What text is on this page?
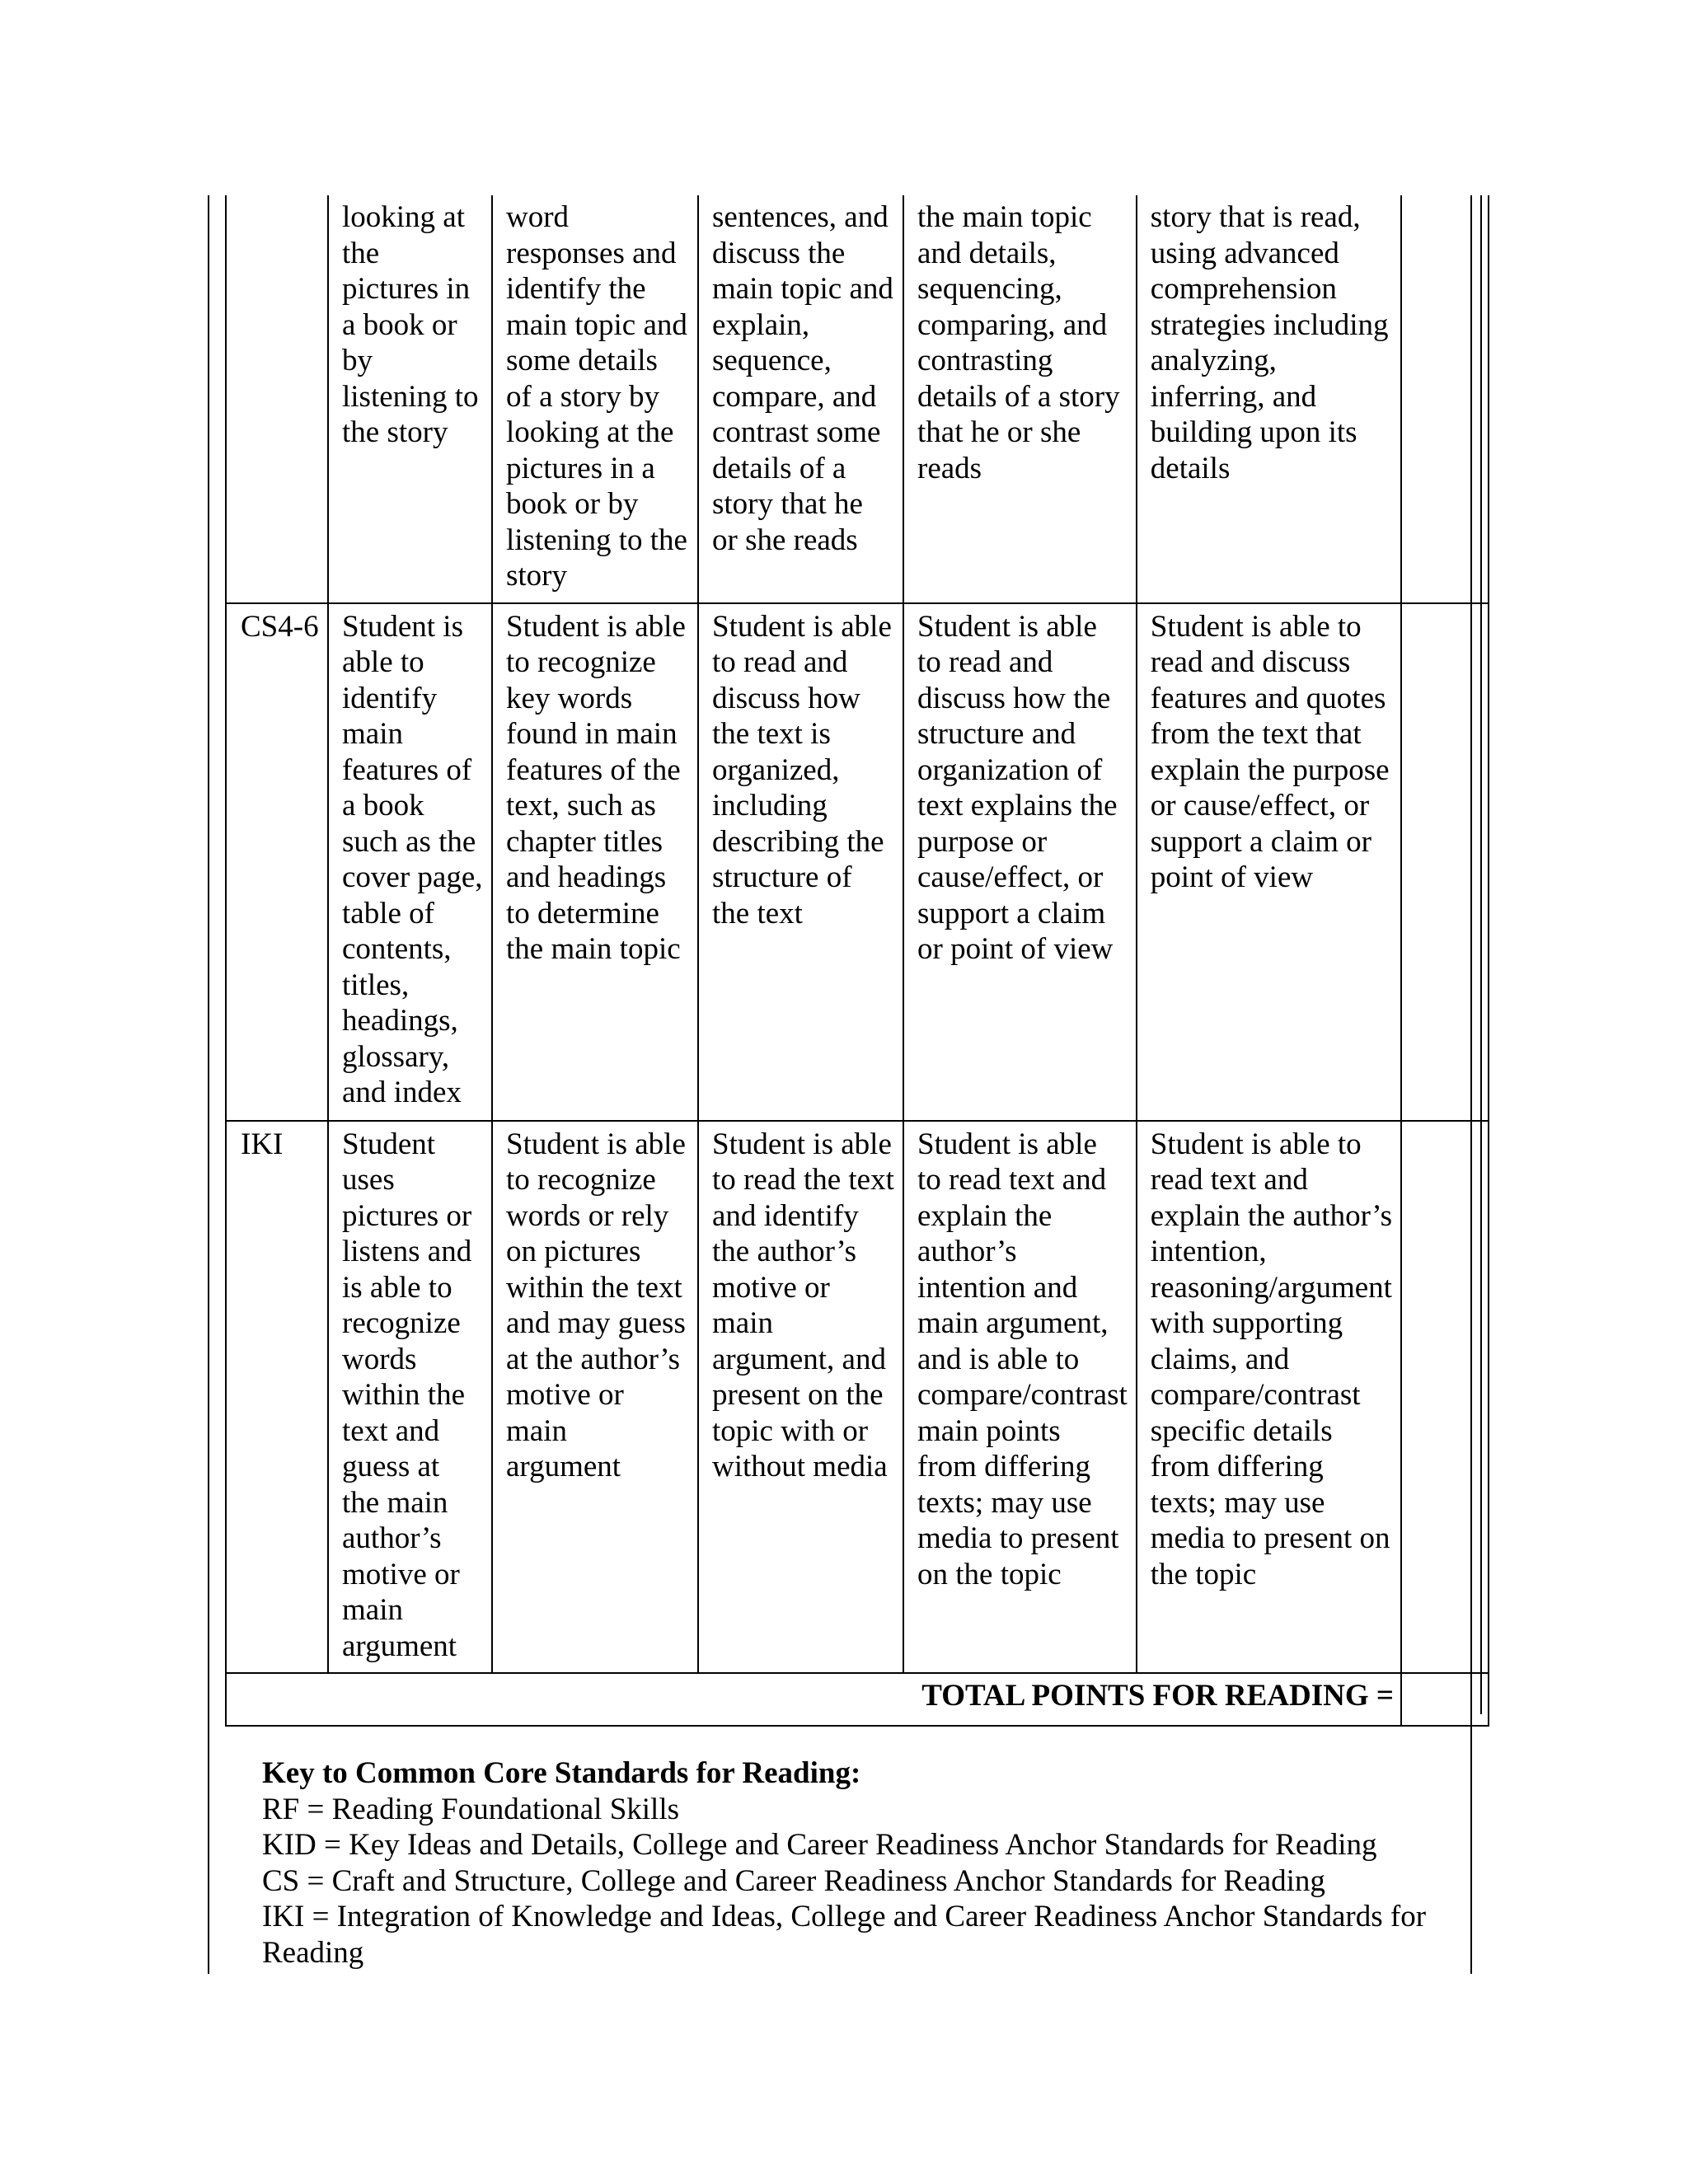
	looking at the pictures in a book or by listening to the story	word responses and identify the main topic and some details of a story by looking at the pictures in a book or by listening to the story	sentences, and discuss the main topic and explain, sequence, compare, and contrast some details of a story that he or she reads	the main topic and details, sequencing, comparing, and contrasting details of a story that he or she reads	story that is read, using advanced comprehension strategies including analyzing, inferring, and building upon its details	
CS4-6	Student is able to identify main features of a book such as the cover page, table of contents, titles, headings, glossary, and index	Student is able to recognize key words found in main features of the text, such as chapter titles and headings to determine the main topic	Student is able to read and discuss how the text is organized, including describing the structure of the text	Student is able to read and discuss how the structure and organization of text explains the purpose or cause/effect, or support a claim or point of view	Student is able to read and discuss features and quotes from the text that explain the purpose or cause/effect, or support a claim or point of view	
IKI	Student uses pictures or listens and is able to recognize words within the text and guess at the main author’s motive or main argument	Student is able to recognize words or rely on pictures within the text and may guess at the author’s motive or main argument	Student is able to read the text and identify the author’s motive or main argument, and present on the topic with or without media	Student is able to read text and explain the author’s intention and main argument, and is able to compare/contrast main points from differing texts; may use media to present on the topic	Student is able to read text and explain the author’s intention, reasoning/argument with supporting claims, and compare/contrast specific details from differing texts; may use media to present on the topic	
TOTAL POINTS FOR READING =						

Key to Common Core Standards for Reading:

RF = Reading Foundational Skills

KID = Key Ideas and Details, College and Career Readiness Anchor Standards for Reading

CS = Craft and Structure, College and Career Readiness Anchor Standards for Reading

IKI = Integration of Knowledge and Ideas, College and Career Readiness Anchor Standards for Reading
